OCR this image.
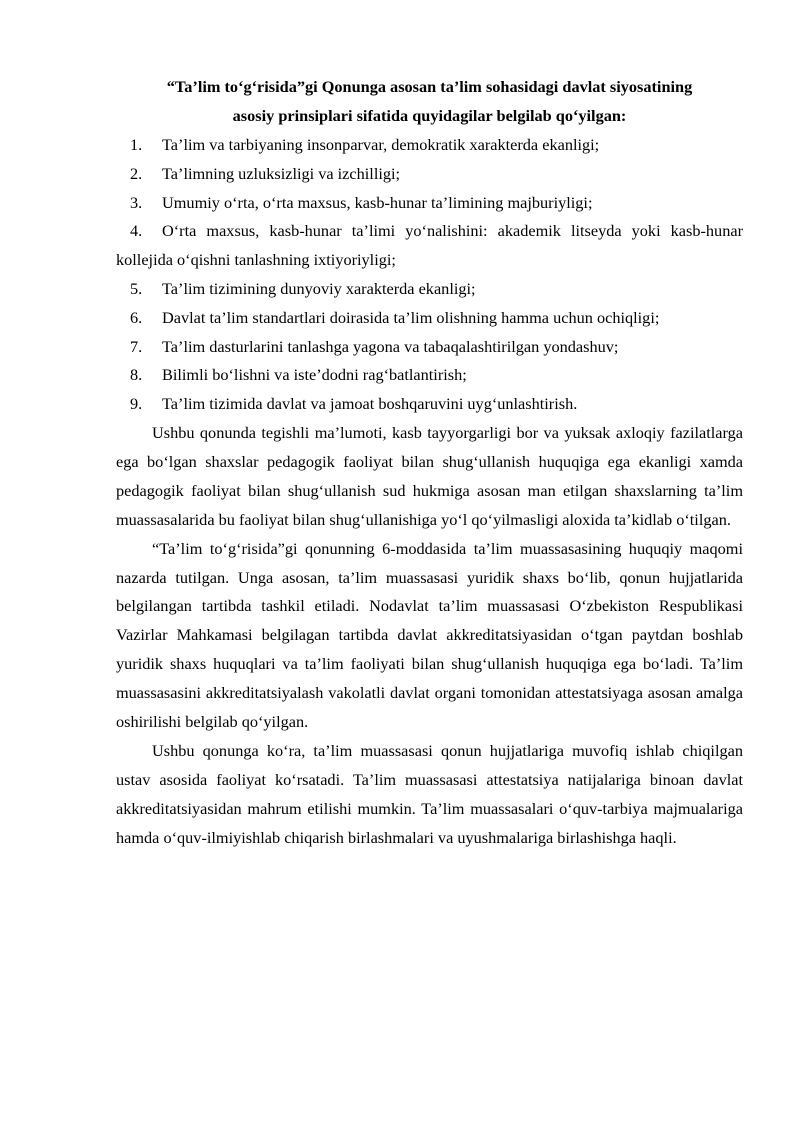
“Ta’lim to‘g‘risida”gi Qonunga asosan ta’lim sohasidagi davlat siyosatining
asosiy prinsiplari sifatida quyidagilar belgilab qo‘yilgan:
1. Ta’lim va tarbiyaning insonparvar, demokratik xarakterda ekanligi;
2. Ta’limning uzluksizligi va izchilligi;
3. Umumiy o‘rta, o‘rta maxsus, kasb-hunar ta’limining majburiyligi;
4. O‘rta maxsus, kasb-hunar ta’limi yo‘nalishini: akademik litseyda yoki kasb-hunar kollejida o‘qishni tanlashning ixtiyoriyligi;
5. Ta’lim tizimining dunyoviy xarakterda ekanligi;
6. Davlat ta’lim standartlari doirasida ta’lim olishning hamma uchun ochiqligi;
7. Ta’lim dasturlarini tanlashga yagona va tabaqalashtirilgan yondashuv;
8. Bilimli bo‘lishni va iste’dodni rag‘batlantirish;
9. Ta’lim tizimida davlat va jamoat boshqaruvini uyg‘unlashtirish.

Ushbu qonunda tegishli ma’lumoti, kasb tayyorgarligi bor va yuksak axloqiy fazilatlarga ega bo‘lgan shaxslar pedagogik faoliyat bilan shug‘ullanish huquqiga ega ekanligi xamda pedagogik faoliyat bilan shug‘ullanish sud hukmiga asosan man etilgan shaxslarning ta’lim muassasalarida bu faoliyat bilan shug‘ullanishiga yo‘l qo‘yilmasligi aloxida ta’kidlab o‘tilgan.

“Ta’lim to‘g‘risida”gi qonunning 6-moddasida ta’lim muassasasining huquqiy maqomi nazarda tutilgan. Unga asosan, ta’lim muassasasi yuridik shaxs bo‘lib, qonun hujjatlarida belgilangan tartibda tashkil etiladi. Nodavlat ta’lim muassasasi O‘zbekiston Respublikasi Vazirlar Mahkamasi belgilagan tartibda davlat akkreditatsiyasidan o‘tgan paytdan boshlab yuridik shaxs huquqlari va ta’lim faoliyati bilan shug‘ullanish huquqiga ega bo‘ladi. Ta’lim muassasasini akkreditatsiyalash vakolatli davlat organi tomonidan attestatsiyaga asosan amalga oshirilishi belgilab qo‘yilgan.

Ushbu qonunga ko‘ra, ta’lim muassasasi qonun hujjatlariga muvofiq ishlab chiqilgan ustav asosida faoliyat ko‘rsatadi. Ta’lim muassasasi attestatsiya natijalariga binoan davlat akkreditatsiyasidan mahrum etilishi mumkin. Ta’lim muassasalari o‘quv-tarbiya majmualariga hamda o‘quv-ilmiyishlab chiqarish birlashmalari va uyushmalariga birlashishga haqli.
